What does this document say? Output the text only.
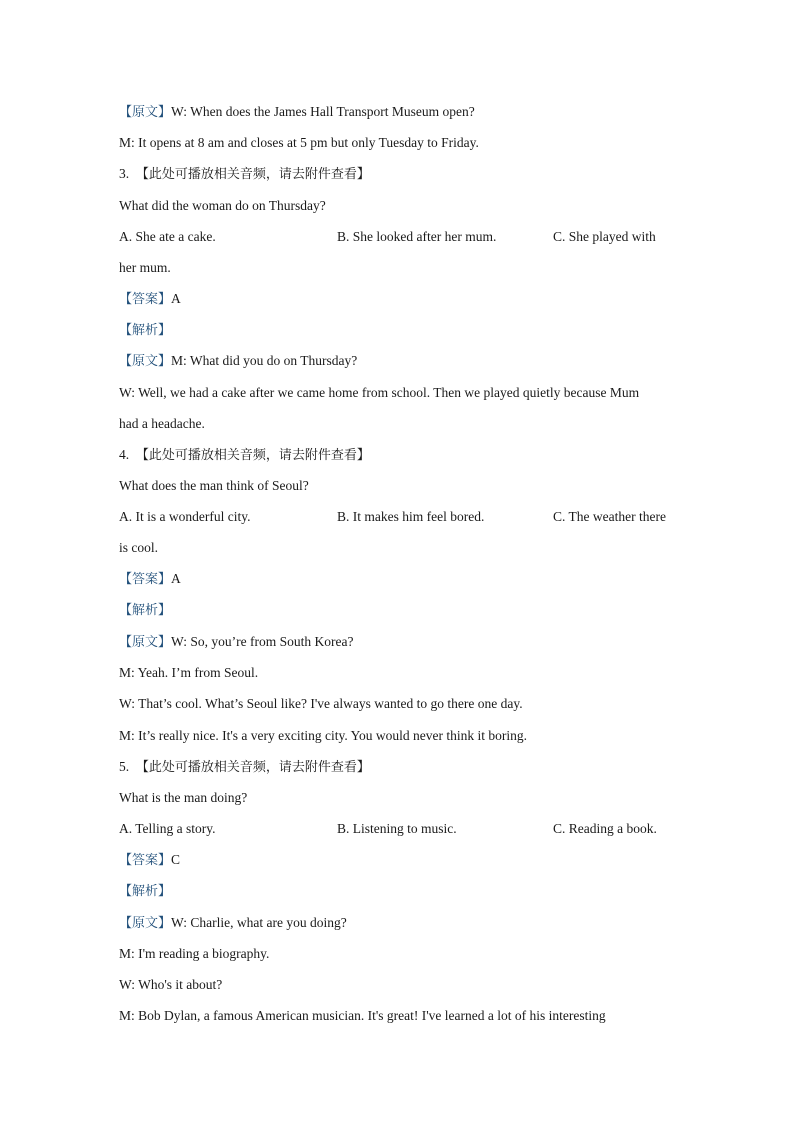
【原文】W: When does the James Hall Transport Museum open?
M: It opens at 8 am and closes at 5 pm but only Tuesday to Friday.
3. 【此处可播放相关音频，请去附件查看】
What did the woman do on Thursday?
A. She ate a cake.	B. She looked after her mum.	C. She played with
her mum.
【答案】A
【解析】
【原文】M: What did you do on Thursday?
W: Well, we had a cake after we came home from school. Then we played quietly because Mum
had a headache.
4. 【此处可播放相关音频，请去附件查看】
What does the man think of Seoul?
A. It is a wonderful city.	B. It makes him feel bored.	C. The weather there
is cool.
【答案】A
【解析】
【原文】W: So, you’re from South Korea?
M: Yeah. I’m from Seoul.
W: That’s cool. What’s Seoul like? I've always wanted to go there one day.
M: It’s really nice. It's a very exciting city. You would never think it boring.
5. 【此处可播放相关音频，请去附件查看】
What is the man doing?
A. Telling a story.	B. Listening to music.	C. Reading a book.
【答案】C
【解析】
【原文】W: Charlie, what are you doing?
M: I'm reading a biography.
W: Who's it about?
M: Bob Dylan, a famous American musician. It's great! I've learned a lot of his interesting
